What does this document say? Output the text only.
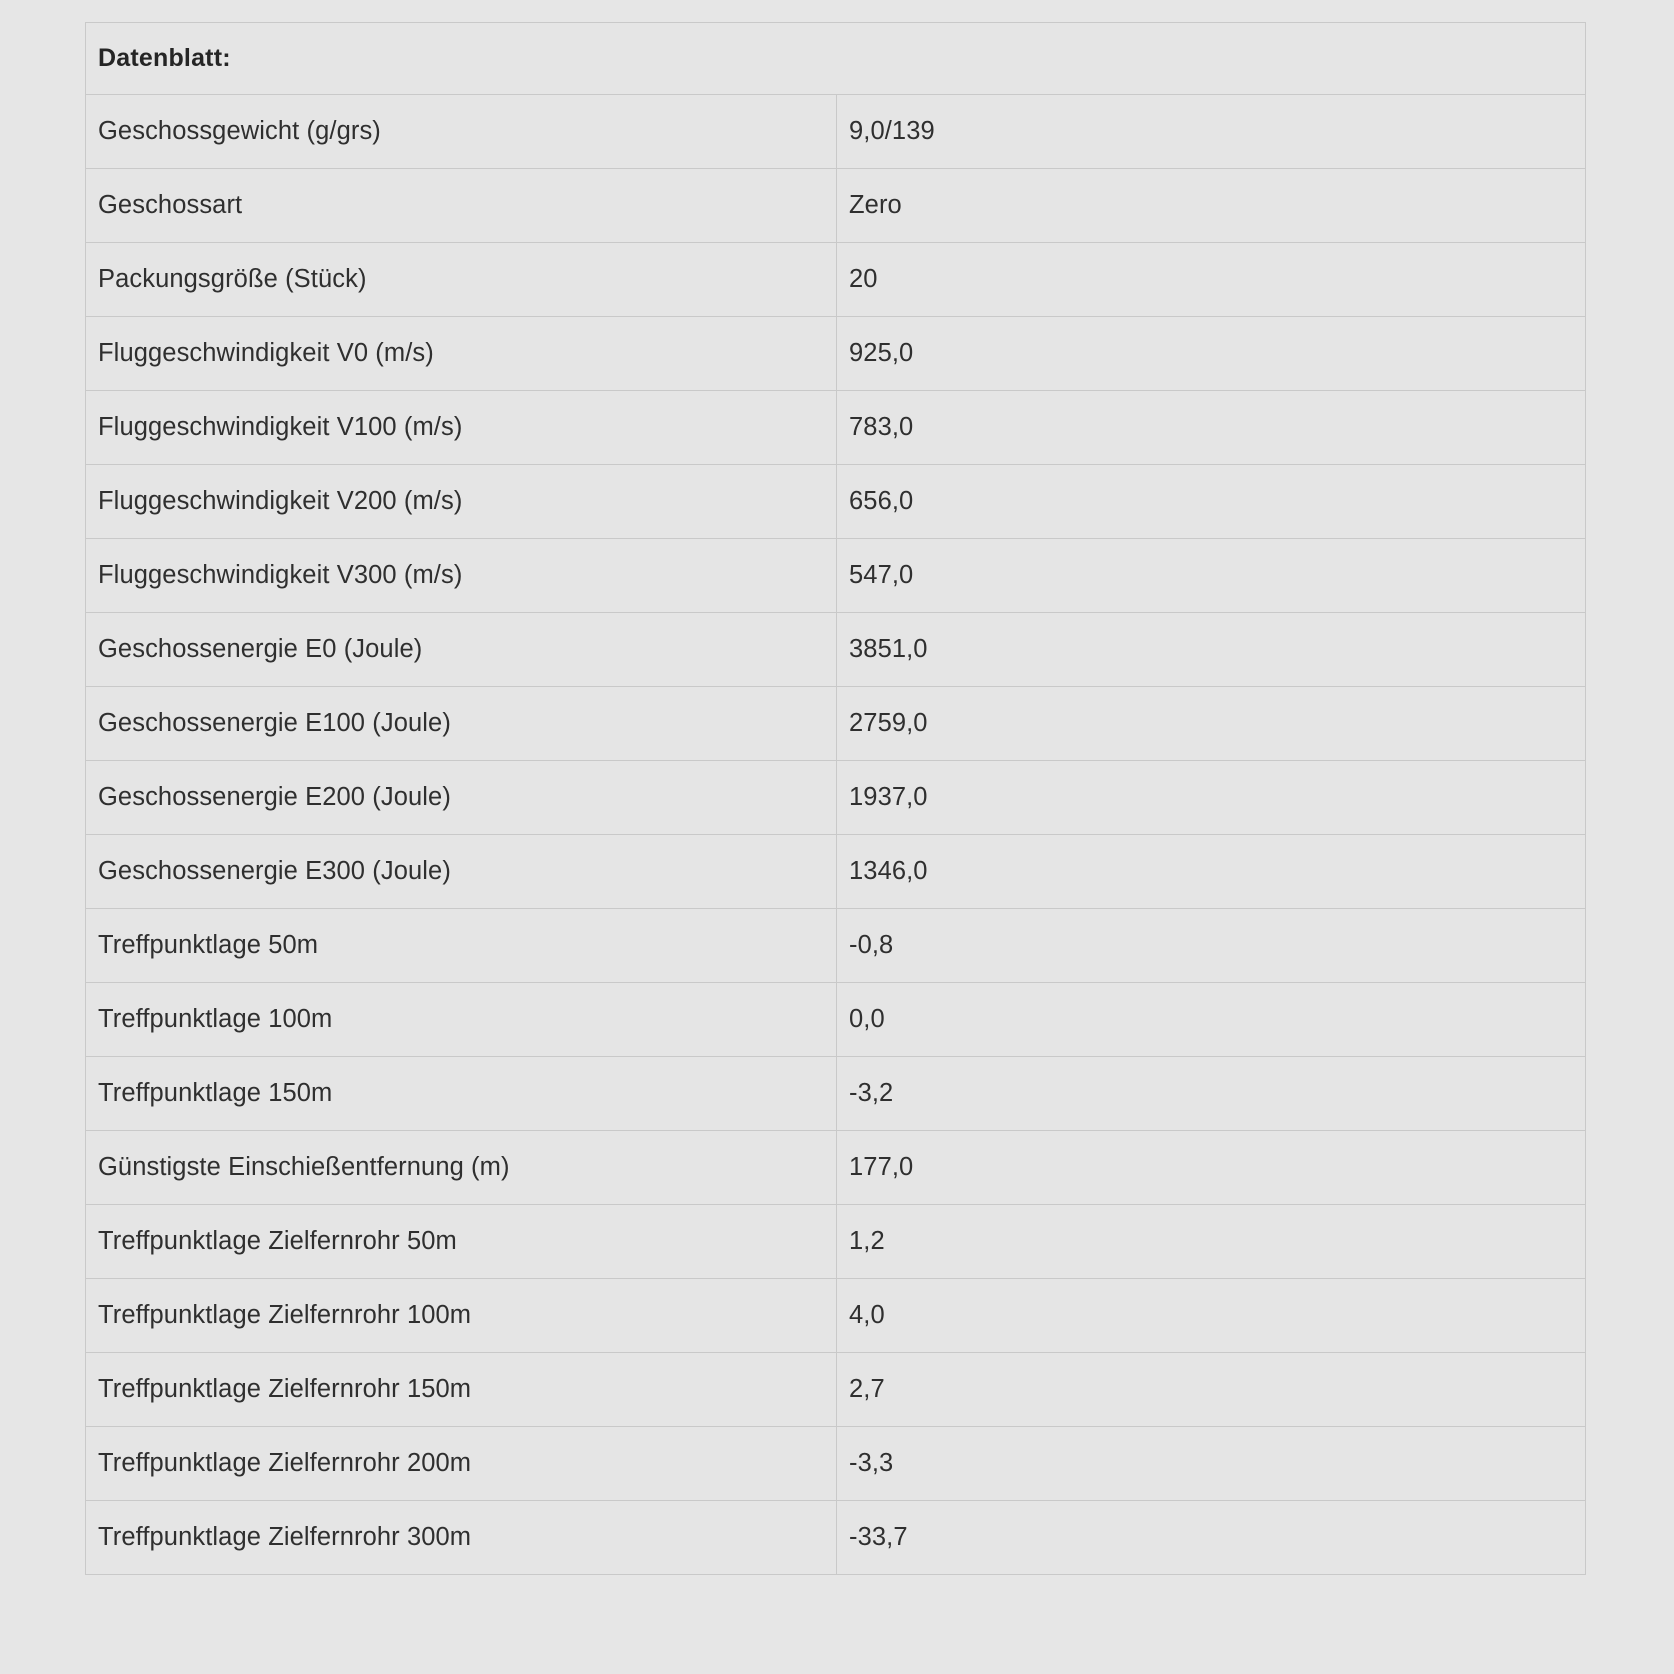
Datenblatt:	
Geschossgewicht (g/grs)	9,0/139
Geschossart	Zero
Packungsgröße (Stück)	20
Fluggeschwindigkeit V0 (m/s)	925,0
Fluggeschwindigkeit V100 (m/s)	783,0
Fluggeschwindigkeit V200 (m/s)	656,0
Fluggeschwindigkeit V300 (m/s)	547,0
Geschossenergie E0 (Joule)	3851,0
Geschossenergie E100 (Joule)	2759,0
Geschossenergie E200 (Joule)	1937,0
Geschossenergie E300 (Joule)	1346,0
Treffpunktlage 50m	-0,8
Treffpunktlage 100m	0,0
Treffpunktlage 150m	-3,2
Günstigste Einschießentfernung (m)	177,0
Treffpunktlage Zielfernrohr 50m	1,2
Treffpunktlage Zielfernrohr 100m	4,0
Treffpunktlage Zielfernrohr 150m	2,7
Treffpunktlage Zielfernrohr 200m	-3,3
Treffpunktlage Zielfernrohr 300m	-33,7
